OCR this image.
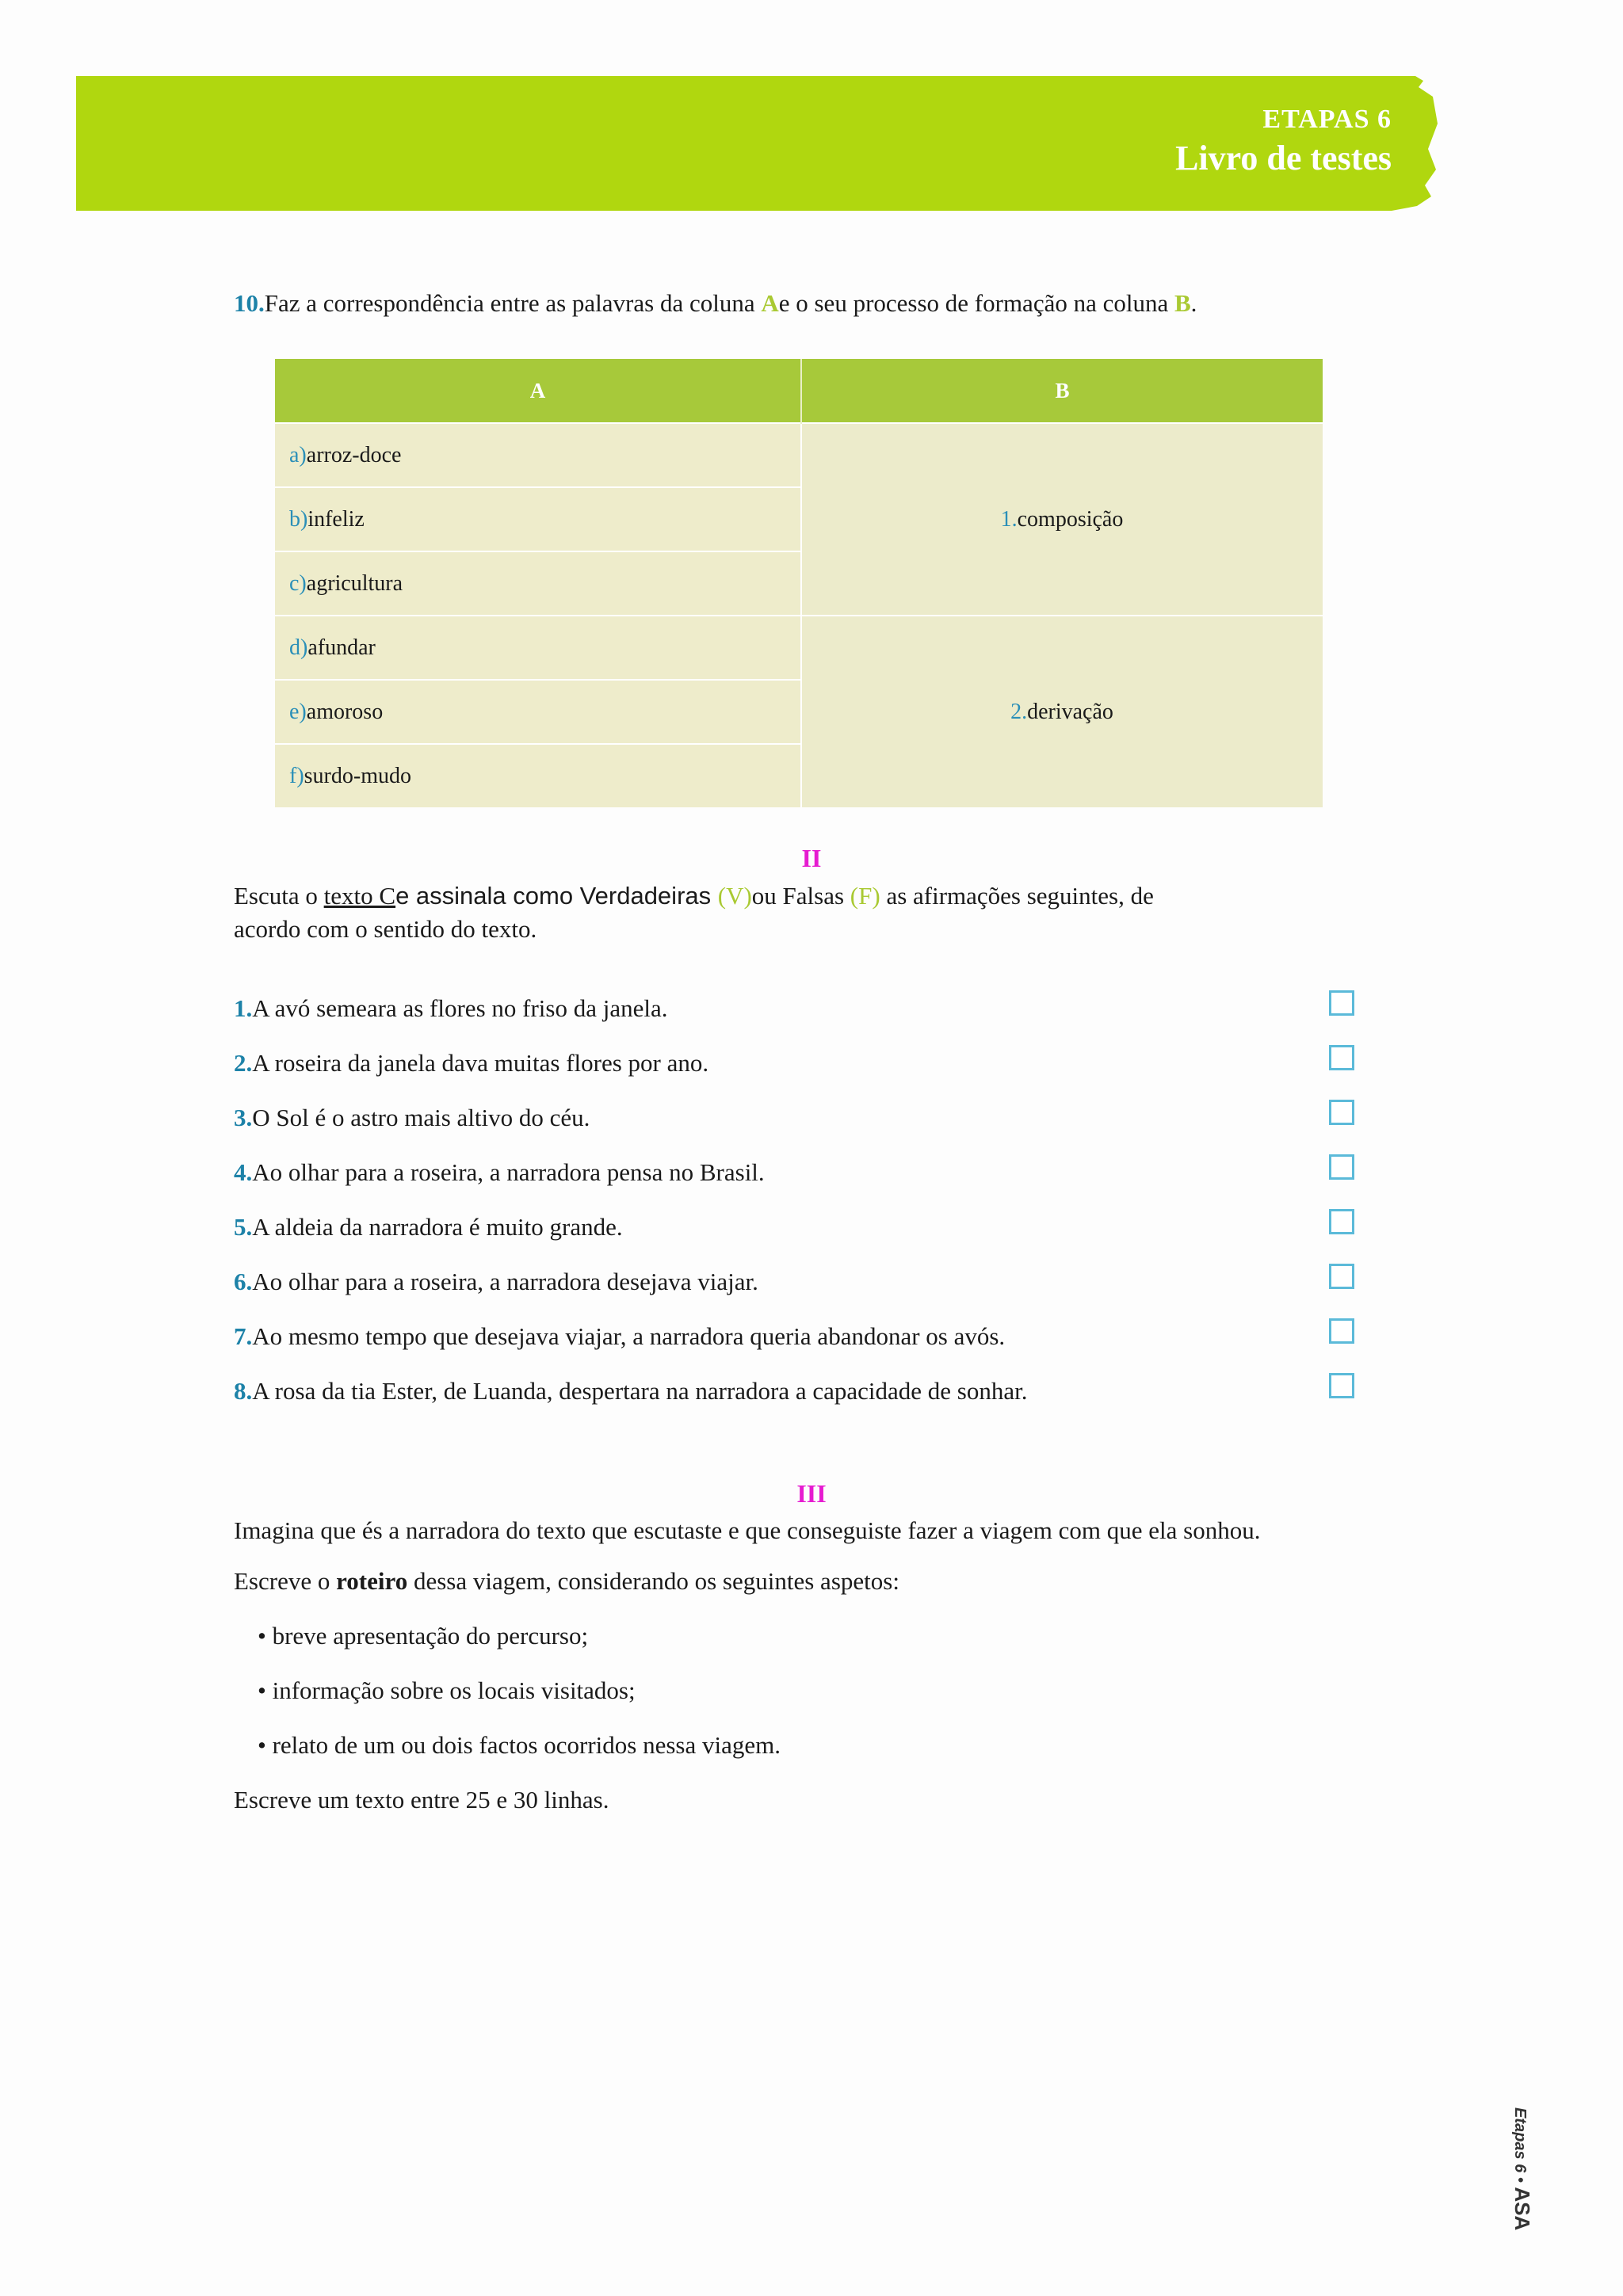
ETAPAS 6
Livro de testes
10.Faz a correspondência entre as palavras da coluna Ae o seu processo de formação na coluna B.
A	B
a)arroz-doce	1.composição
b)infeliz	
c)agricultura	
d)afundar	2.derivação
e)amoroso	
f)surdo-mudo	
II
Escuta o texto Ce assinala como Verdadeiras (V)ou Falsas (F) as afirmações seguintes, de
acordo com o sentido do texto.
1.A avó semeara as flores no friso da janela.
2.A roseira da janela dava muitas flores por ano.
3.O Sol é o astro mais altivo do céu.
4.Ao olhar para a roseira, a narradora pensa no Brasil.
5.A aldeia da narradora é muito grande.
6.Ao olhar para a roseira, a narradora desejava viajar.
7.Ao mesmo tempo que desejava viajar, a narradora queria abandonar os avós.
8.A rosa da tia Ester, de Luanda, despertara na narradora a capacidade de sonhar.
III
Imagina que és a narradora do texto que escutaste e que conseguiste fazer a viagem com que ela sonhou.
Escreve o roteiro dessa viagem, considerando os seguintes aspetos:
• breve apresentação do percurso;
• informação sobre os locais visitados;
• relato de um ou dois factos ocorridos nessa viagem.
Escreve um texto entre 25 e 30 linhas.
Etapas 6 • ASA
